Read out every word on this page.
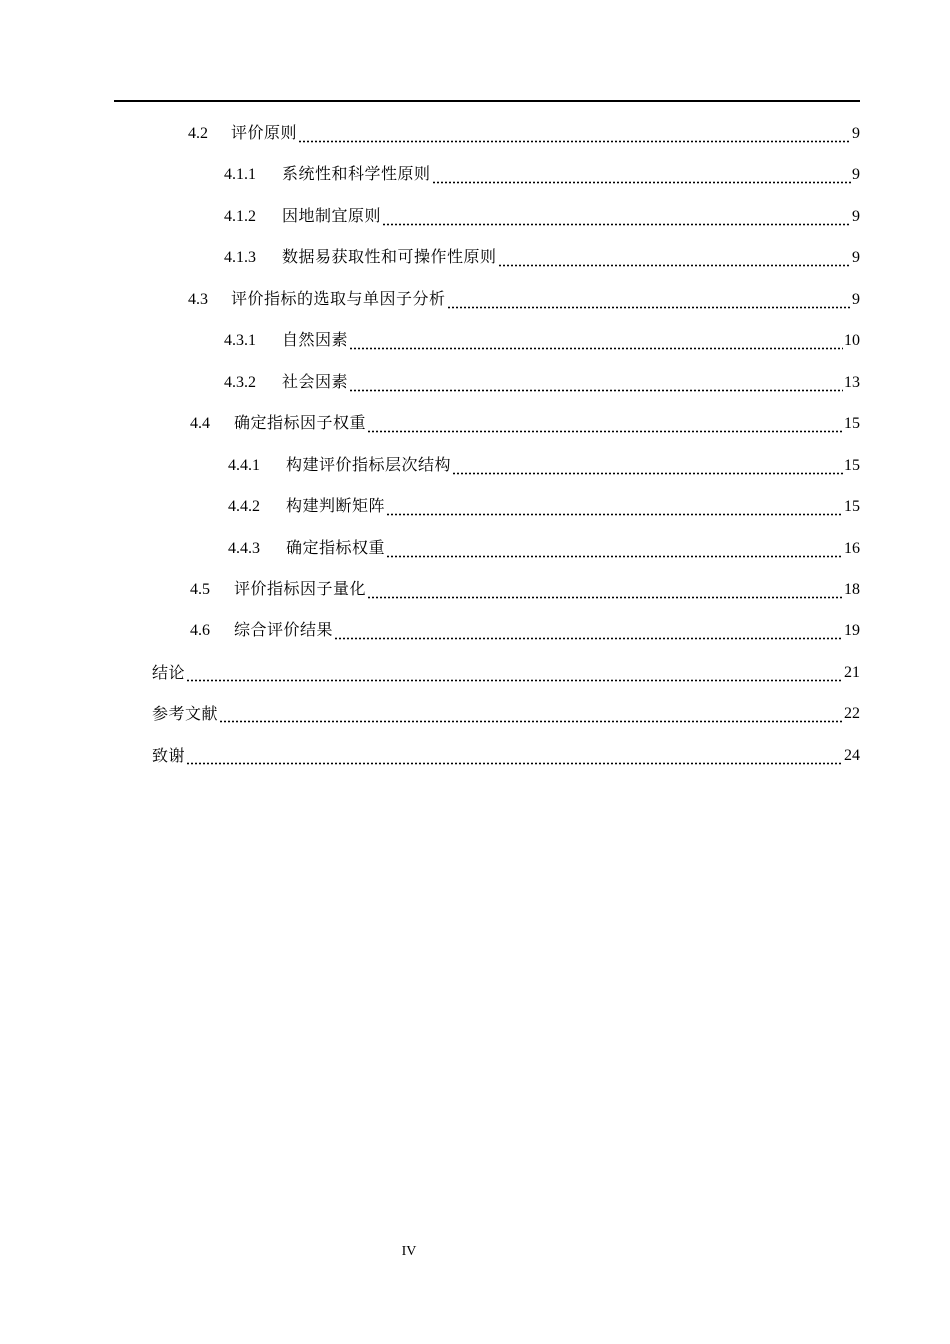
4.2	评价原则	9
4.1.1	系统性和科学性原则	9
4.1.2	因地制宜原则	9
4.1.3	数据易获取性和可操作性原则	9
4.3	评价指标的选取与单因子分析	9
4.3.1	自然因素	10
4.3.2	社会因素	13
4.4	确定指标因子权重	15
4.4.1	构建评价指标层次结构	15
4.4.2	构建判断矩阵	15
4.4.3	确定指标权重	16
4.5	评价指标因子量化	18
4.6	综合评价结果	19
结论	21
参考文献	22
致谢	24
IV
